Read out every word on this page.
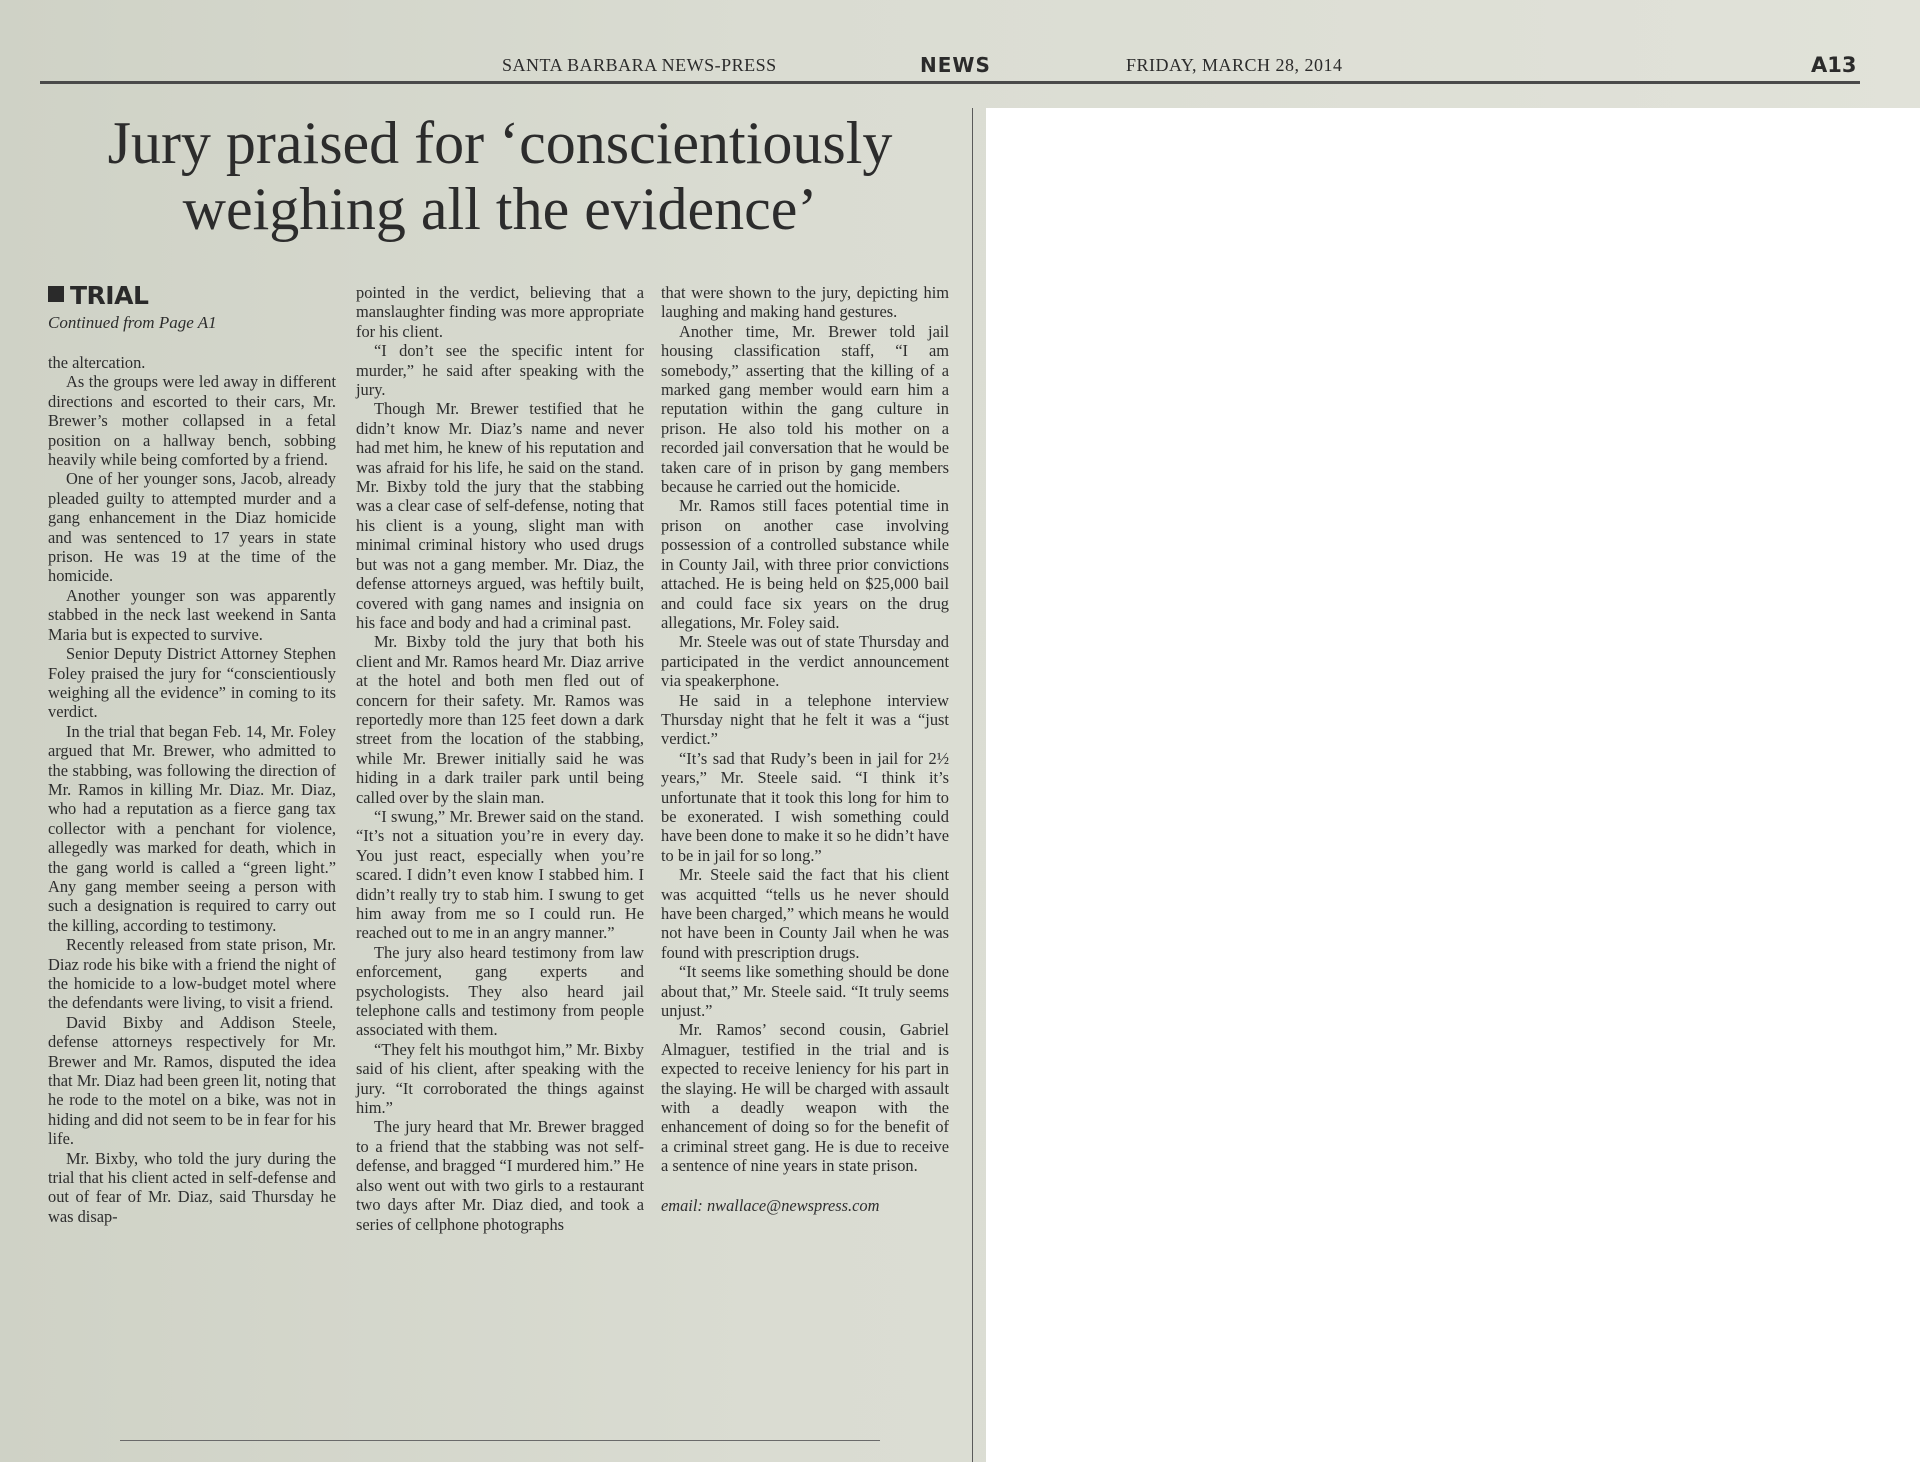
SANTA BARBARA NEWS-PRESS	NEWS	FRIDAY, MARCH 28, 2014	A13
Jury praised for ‘conscientiously
weighing all the evidence’
TRIAL
Continued from Page A1

the altercation.

As the groups were led away in different directions and escorted to their cars, Mr. Brewer’s mother collapsed in a fetal position on a hallway bench, sobbing heavily while being comforted by a friend.

One of her younger sons, Jacob, already pleaded guilty to attempted murder and a gang enhancement in the Diaz homicide and was sentenced to 17 years in state prison. He was 19 at the time of the homicide.

Another younger son was apparently stabbed in the neck last weekend in Santa Maria but is expected to survive.

Senior Deputy District Attorney Stephen Foley praised the jury for “conscientiously weighing all the evidence” in coming to its verdict.

In the trial that began Feb. 14, Mr. Foley argued that Mr. Brewer, who admitted to the stabbing, was following the direction of Mr. Ramos in killing Mr. Diaz. Mr. Diaz, who had a reputation as a fierce gang tax collector with a penchant for violence, allegedly was marked for death, which in the gang world is called a “green light.” Any gang member seeing a person with such a designation is required to carry out the killing, according to testimony.

Recently released from state prison, Mr. Diaz rode his bike with a friend the night of the homicide to a low-budget motel where the defendants were living, to visit a friend.

David Bixby and Addison Steele, defense attorneys respectively for Mr. Brewer and Mr. Ramos, disputed the idea that Mr. Diaz had been green lit, noting that he rode to the motel on a bike, was not in hiding and did not seem to be in fear for his life.

Mr. Bixby, who told the jury during the trial that his client acted in self-defense and out of fear of Mr. Diaz, said Thursday he was disap-

pointed in the verdict, believing that a manslaughter finding was more appropriate for his client.

“I don’t see the specific intent for murder,” he said after speaking with the jury.

Though Mr. Brewer testified that he didn’t know Mr. Diaz’s name and never had met him, he knew of his reputation and was afraid for his life, he said on the stand. Mr. Bixby told the jury that the stabbing was a clear case of self-defense, noting that his client is a young, slight man with minimal criminal history who used drugs but was not a gang member. Mr. Diaz, the defense attorneys argued, was heftily built, covered with gang names and insignia on his face and body and had a criminal past.

Mr. Bixby told the jury that both his client and Mr. Ramos heard Mr. Diaz arrive at the hotel and both men fled out of concern for their safety. Mr. Ramos was reportedly more than 125 feet down a dark street from the location of the stabbing, while Mr. Brewer initially said he was hiding in a dark trailer park until being called over by the slain man.

“I swung,” Mr. Brewer said on the stand. “It’s not a situation you’re in every day. You just react, especially when you’re scared. I didn’t even know I stabbed him. I didn’t really try to stab him. I swung to get him away from me so I could run. He reached out to me in an angry manner.”

The jury also heard testimony from law enforcement, gang experts and psychologists. They also heard jail telephone calls and testimony from people associated with them.

“They felt his mouthgot him,” Mr. Bixby said of his client, after speaking with the jury. “It corroborated the things against him.”

The jury heard that Mr. Brewer bragged to a friend that the stabbing was not self-defense, and bragged “I murdered him.” He also went out with two girls to a restaurant two days after Mr. Diaz died, and took a series of cellphone photographs

that were shown to the jury, depicting him laughing and making hand gestures.

Another time, Mr. Brewer told jail housing classification staff, “I am somebody,” asserting that the killing of a marked gang member would earn him a reputation within the gang culture in prison. He also told his mother on a recorded jail conversation that he would be taken care of in prison by gang members because he carried out the homicide.

Mr. Ramos still faces potential time in prison on another case involving possession of a controlled substance while in County Jail, with three prior convictions attached. He is being held on $25,000 bail and could face six years on the drug allegations, Mr. Foley said.

Mr. Steele was out of state Thursday and participated in the verdict announcement via speakerphone.

He said in a telephone interview Thursday night that he felt it was a “just verdict.”

“It’s sad that Rudy’s been in jail for 2½ years,” Mr. Steele said. “I think it’s unfortunate that it took this long for him to be exonerated. I wish something could have been done to make it so he didn’t have to be in jail for so long.”

Mr. Steele said the fact that his client was acquitted “tells us he never should have been charged,” which means he would not have been in County Jail when he was found with prescription drugs.

“It seems like something should be done about that,” Mr. Steele said. “It truly seems unjust.”

Mr. Ramos’ second cousin, Gabriel Almaguer, testified in the trial and is expected to receive leniency for his part in the slaying. He will be charged with assault with a deadly weapon with the enhancement of doing so for the benefit of a criminal street gang. He is due to receive a sentence of nine years in state prison.

email: nwallace@newspress.com
